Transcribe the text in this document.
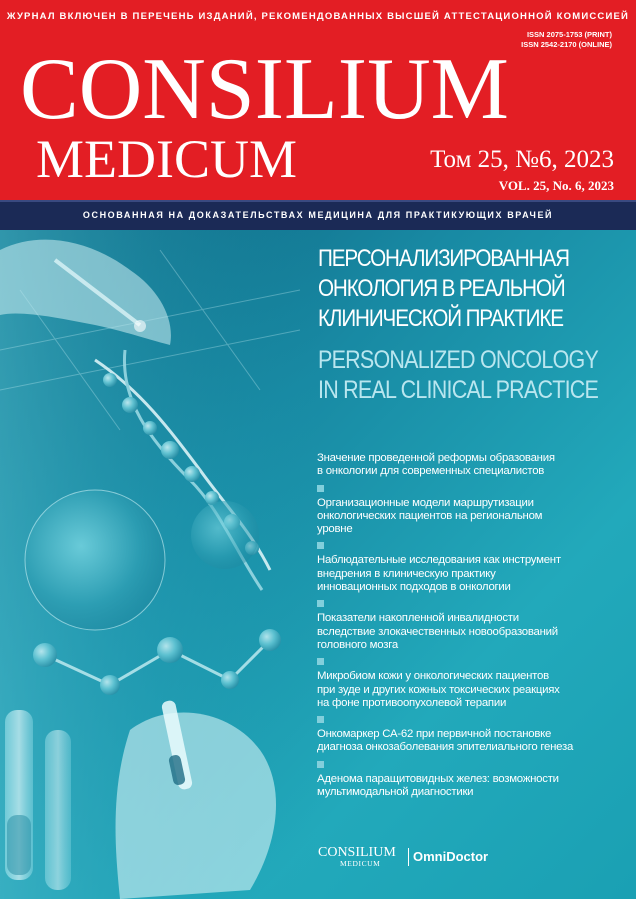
ЖУРНАЛ ВКЛЮЧЕН В ПЕРЕЧЕНЬ ИЗДАНИЙ, РЕКОМЕНДОВАННЫХ ВЫСШЕЙ АТТЕСТАЦИОННОЙ КОМИССИЕЙ
ISSN 2075-1753 (PRINT)
ISSN 2542-2170 (ONLINE)
CONSILIUM
MEDICUM	Том 25, №6, 2023
VOL. 25, No. 6, 2023
ОСНОВАННАЯ НА ДОКАЗАТЕЛЬСТВАХ МЕДИЦИНА ДЛЯ ПРАКТИКУЮЩИХ ВРАЧЕЙ
ПЕРСОНАЛИЗИРОВАННАЯ
ОНКОЛОГИЯ В РЕАЛЬНОЙ
КЛИНИЧЕСКОЙ ПРАКТИКЕ
PERSONALIZED ONCOLOGY
IN REAL CLINICAL PRACTICE
Значение проведенной реформы образования
в онкологии для современных специалистов
Организационные модели маршрутизации
онкологических пациентов на региональном
уровне
Наблюдательные исследования как инструмент
внедрения в клиническую практику
инновационных подходов в онкологии
Показатели накопленной инвалидности
вследствие злокачественных новообразований
головного мозга
Микробиом кожи у онкологических пациентов
при зуде и других кожных токсических реакциях
на фоне противоопухолевой терапии
Онкомаркер СА-62 при первичной постановке
диагноза онкозаболевания эпителиального генеза
Аденома паращитовидных желез: возможности
мультимодальной диагностики
CONSILIUM
MEDICUM	OmniDoctor
